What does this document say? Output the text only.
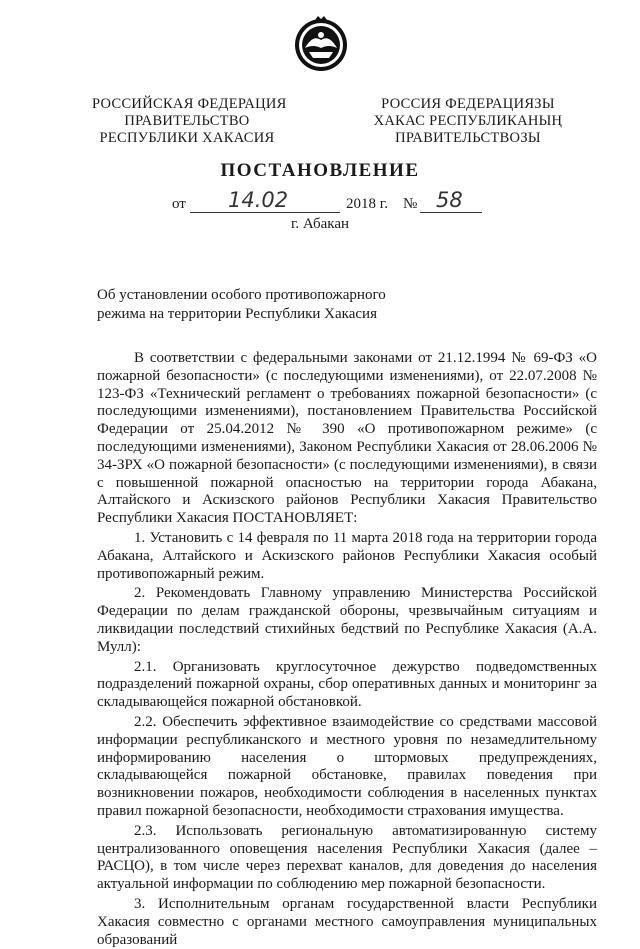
РОССИЙСКАЯ ФЕДЕРАЦИЯ
ПРАВИТЕЛЬСТВО
РЕСПУБЛИКИ ХАКАСИЯ
РОССИЯ ФЕДЕРАЦИЯЗЫ
ХАКАС РЕСПУБЛИКАНЫҢ
ПРАВИТЕЛЬСТВОЗЫ
ПОСТАНОВЛЕНИЕ
от 14.02	2018 г. № 58
г. Абакан
Об установлении особого противопожарного
режима на территории Республики Хакасия

В соответствии с федеральными законами от 21.12.1994 № 69-ФЗ «О пожарной безопасности» (с последующими изменениями), от 22.07.2008 № 123-ФЗ «Технический регламент о требованиях пожарной безопасности» (с последующими изменениями), постановлением Правительства Российской Федерации от 25.04.2012 № 390 «О противопожарном режиме» (с последующими изменениями), Законом Республики Хакасия от 28.06.2006 № 34-ЗРХ «О пожарной безопасности» (с последующими изменениями), в связи с повышенной пожарной опасностью на территории города Абакана, Алтайского и Аскизского районов Республики Хакасия Правительство Республики Хакасия ПОСТАНОВЛЯЕТ:

1. Установить с 14 февраля по 11 марта 2018 года на территории города Абакана, Алтайского и Аскизского районов Республики Хакасия особый противопожарный режим.

2. Рекомендовать Главному управлению Министерства Российской Федерации по делам гражданской обороны, чрезвычайным ситуациям и ликвидации последствий стихийных бедствий по Республике Хакасия (А.А. Мулл):

2.1. Организовать круглосуточное дежурство подведомственных подразделений пожарной охраны, сбор оперативных данных и мониторинг за складывающейся пожарной обстановкой.

2.2. Обеспечить эффективное взаимодействие со средствами массовой информации республиканского и местного уровня по незамедлительному информированию населения о штормовых предупреждениях, складывающейся пожарной обстановке, правилах поведения при возникновении пожаров, необходимости соблюдения в населенных пунктах правил пожарной безопасности, необходимости страхования имущества.

2.3. Использовать региональную автоматизированную систему централизованного оповещения населения Республики Хакасия (далее – РАСЦО), в том числе через перехват каналов, для доведения до населения актуальной информации по соблюдению мер пожарной безопасности.

3. Исполнительным органам государственной власти Республики Хакасия совместно с органами местного самоуправления муниципальных образований
